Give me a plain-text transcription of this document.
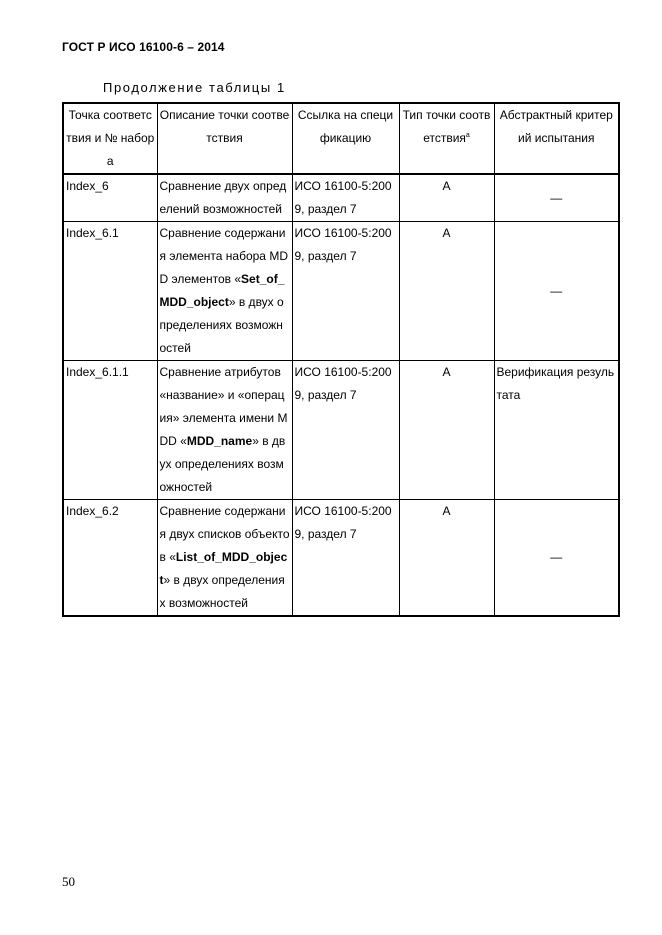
ГОСТ Р ИСО 16100-6 – 2014
Продолжение таблицы 1
Точка соответствия и № набора	Описание точки соответствия	Ссылка на спецификацию	Тип точки соответствия$^а$	Абстрактный критерий испытания
Index_6	Сравнение двух определений возможностей	ИСО 16100-5:2009, раздел 7	А	—
Index_6.1	Сравнение содержания элемента набора MDD элементов «Set_of_MDD_object» в двух определениях возможностей	ИСО 16100-5:2009, раздел 7	А	—
Index_6.1.1	Сравнение атрибутов «название» и «операция» элемента имени MDD «MDD_name» в двух определениях возможностей	ИСО 16100-5:2009, раздел 7	А	Верификация результата
Index_6.2	Сравнение содержания двух списков объектов «List_of_MDD_object» в двух определениях возможностей	ИСО 16100-5:2009, раздел 7	А	—
50
